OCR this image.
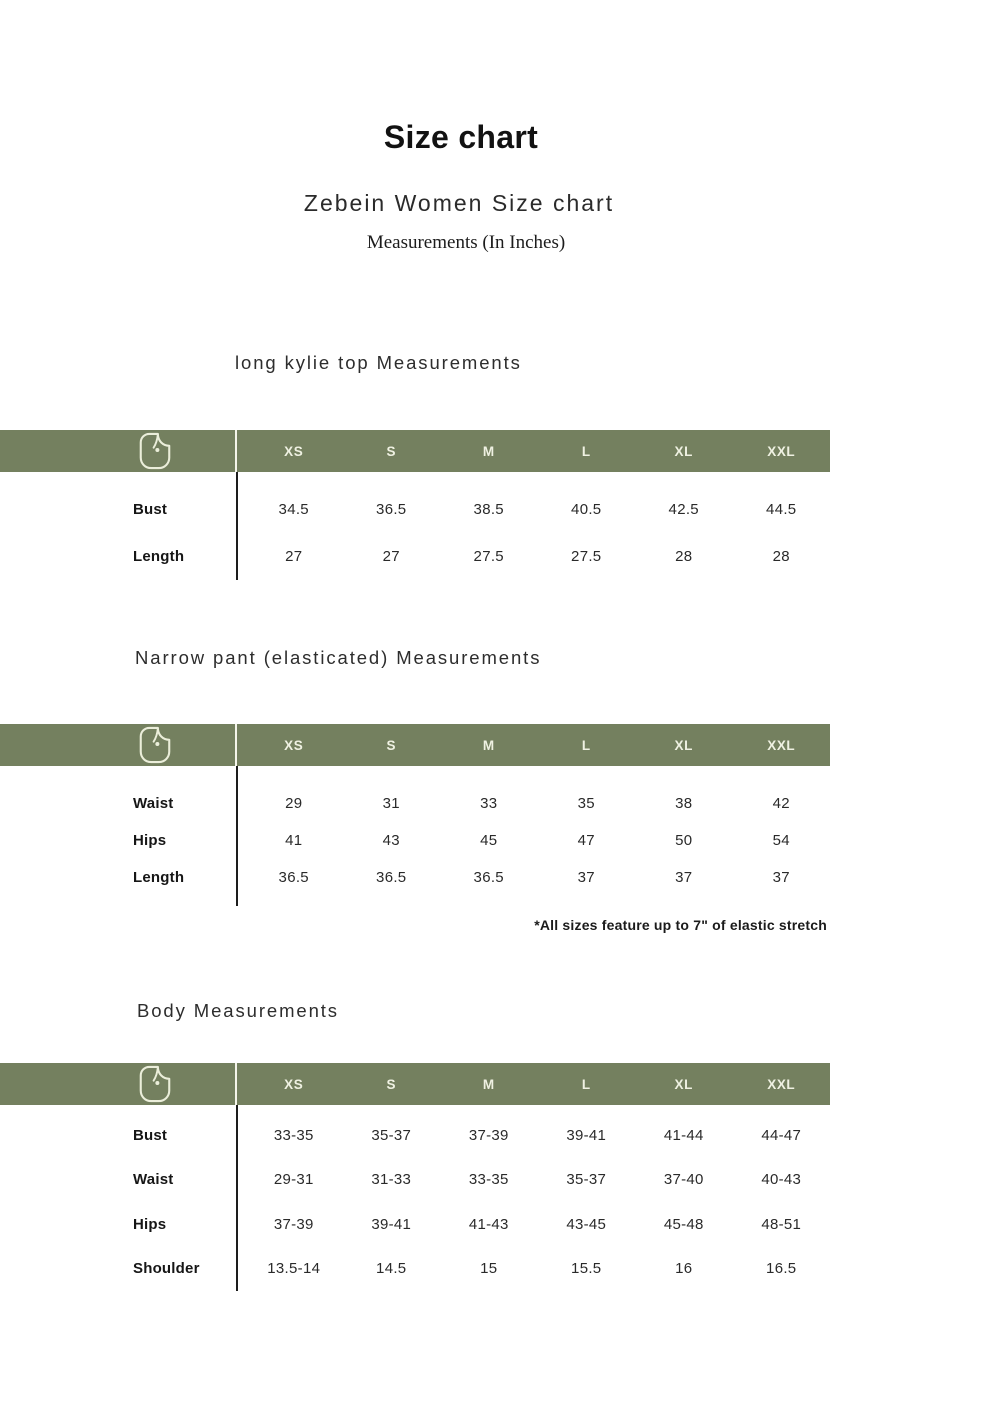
Size chart
Zebein Women Size chart
Measurements (In Inches)
long kylie top Measurements
XS	S	M	L	XL	XXL
Bust	34.5	36.5	38.5	40.5	42.5	44.5
Length	27	27	27.5	27.5	28	28
Narrow pant (elasticated) Measurements
XS	S	M	L	XL	XXL
Waist	29	31	33	35	38	42
Hips	41	43	45	47	50	54
Length	36.5	36.5	36.5	37	37	37
*All sizes feature up to 7" of elastic stretch
Body Measurements
XS	S	M	L	XL	XXL
Bust	33-35	35-37	37-39	39-41	41-44	44-47
Waist	29-31	31-33	33-35	35-37	37-40	40-43
Hips	37-39	39-41	41-43	43-45	45-48	48-51
Shoulder	13.5-14	14.5	15	15.5	16	16.5
